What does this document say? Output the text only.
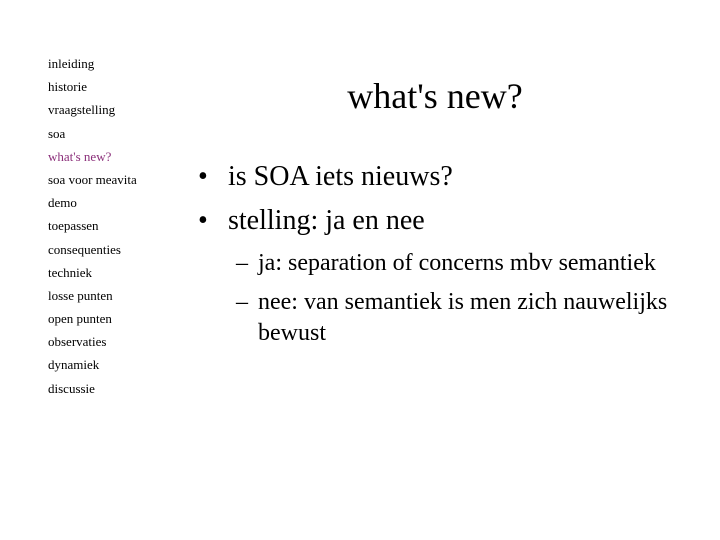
inleiding
historie
vraagstelling
soa
what's new?
soa voor meavita
demo
toepassen
consequenties
techniek
losse punten
open punten
observaties
dynamiek
discussie
what's new?
• is SOA iets nieuws?
• stelling: ja en nee
– ja: separation of concerns mbv semantiek
– nee: van semantiek is men zich nauwelijks bewust
